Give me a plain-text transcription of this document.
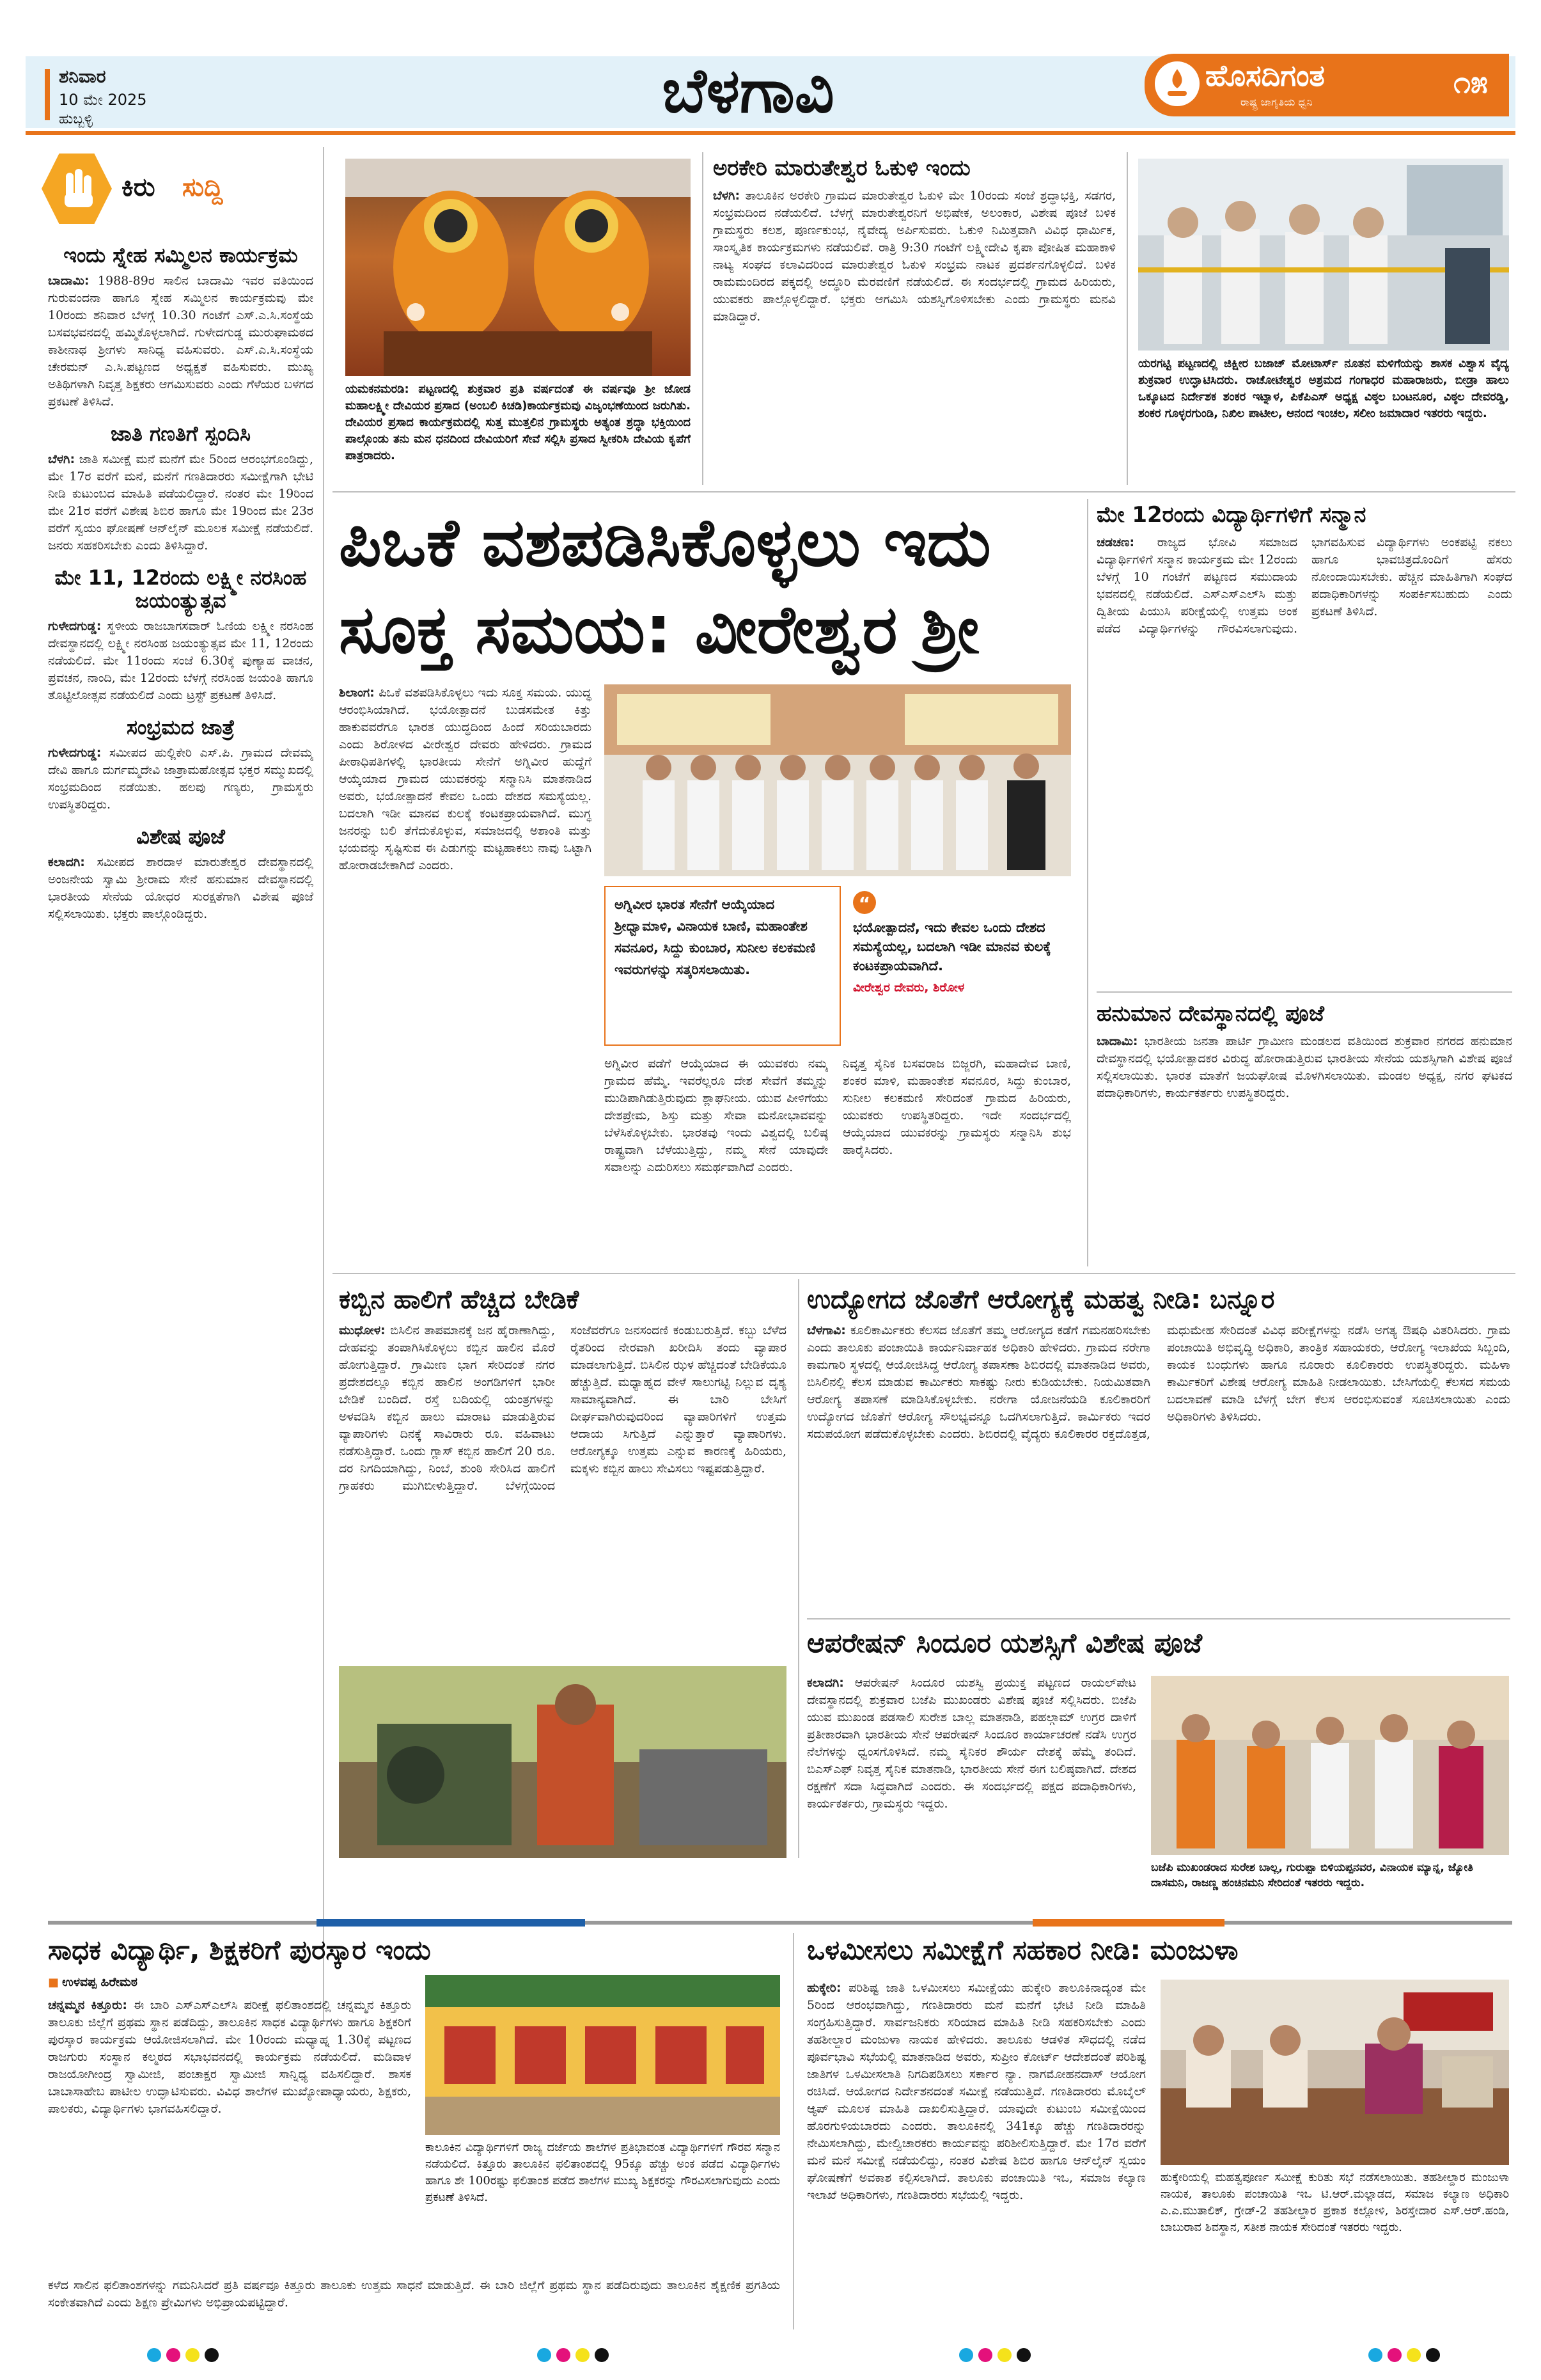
ಶನಿವಾರ
10 ಮೇ 2025
ಹುಬ್ಬಳ್ಳಿ	ಬೆಳಗಾವಿ	ಹೊಸದಿಗಂತ
ರಾಷ್ಟ್ರ ಜಾಗೃತಿಯ ಧ್ವನಿ
೧೫
ಕಿರು	ಸುದ್ದಿ
ಇಂದು ಸ್ನೇಹ ಸಮ್ಮಿಲನ ಕಾರ್ಯಕ್ರಮ
ಬಾದಾಮಿ: 1988-89ರ ಸಾಲಿನ ಬಾದಾಮಿ ಇವರ ವತಿಯಿಂದ ಗುರುವಂದನಾ ಹಾಗೂ ಸ್ನೇಹ ಸಮ್ಮಿಲನ ಕಾರ್ಯಕ್ರಮವು ಮೇ 10ರಂದು ಶನಿವಾರ ಬೆಳಗ್ಗೆ 10.30 ಗಂಟೆಗೆ ಎಸ್.ಎ.ಸಿ.ಸಂಸ್ಥೆಯ ಬಸವಭವನದಲ್ಲಿ ಹಮ್ಮಿಕೊಳ್ಳಲಾಗಿದೆ. ಗುಳೇದಗುಡ್ಡ ಮುರುಘಾಮಠದ ಕಾಶೀನಾಥ ಶ್ರೀಗಳು ಸಾನಿಧ್ಯ ವಹಿಸುವರು. ಎಸ್.ಎ.ಸಿ.ಸಂಸ್ಥೆಯ ಚೇರಮನ್ ಎ.ಸಿ.ಪಟ್ಟಣದ ಅಧ್ಯಕ್ಷತೆ ವಹಿಸುವರು. ಮುಖ್ಯ ಅತಿಥಿಗಳಾಗಿ ನಿವೃತ್ತ ಶಿಕ್ಷಕರು ಆಗಮಿಸುವರು ಎಂದು ಗೆಳೆಯರ ಬಳಗದ ಪ್ರಕಟಣೆ ತಿಳಿಸಿದೆ.
ಜಾತಿ ಗಣತಿಗೆ ಸ್ಪಂದಿಸಿ
ಬೆಳಗಿ: ಜಾತಿ ಸಮೀಕ್ಷೆ ಮನೆ ಮನೆಗೆ ಮೇ 5ರಿಂದ ಆರಂಭಗೊಂಡಿದ್ದು, ಮೇ 17ರ ವರೆಗೆ ಮನೆ, ಮನೆಗೆ ಗಣತಿದಾರರು ಸಮೀಕ್ಷೆಗಾಗಿ ಭೇಟಿ ನೀಡಿ ಕುಟುಂಬದ ಮಾಹಿತಿ ಪಡೆಯಲಿದ್ದಾರೆ. ನಂತರ ಮೇ 19ರಿಂದ ಮೇ 21ರ ವರೆಗೆ ವಿಶೇಷ ಶಿಬಿರ ಹಾಗೂ ಮೇ 19ರಿಂದ ಮೇ 23ರ ವರೆಗೆ ಸ್ವಯಂ ಘೋಷಣೆ ಆನ್‌ಲೈನ್ ಮೂಲಕ ಸಮೀಕ್ಷೆ ನಡೆಯಲಿದೆ. ಜನರು ಸಹಕರಿಸಬೇಕು ಎಂದು ತಿಳಿಸಿದ್ದಾರೆ.
ಮೇ 11, 12ರಂದು ಲಕ್ಷ್ಮೀ ನರಸಿಂಹ ಜಯಂತ್ಯುತ್ಸವ
ಗುಳೇದಗುಡ್ಡ: ಸ್ಥಳೀಯ ರಾಜಬಾಗಸವಾರ್ ಓಣಿಯ ಲಕ್ಷ್ಮೀ ನರಸಿಂಹ ದೇವಸ್ಥಾನದಲ್ಲಿ ಲಕ್ಷ್ಮೀ ನರಸಿಂಹ ಜಯಂತ್ಯುತ್ಸವ ಮೇ 11, 12ರಂದು ನಡೆಯಲಿದೆ. ಮೇ 11ರಂದು ಸಂಜೆ 6.30ಕ್ಕೆ ಪುಣ್ಯಾಹ ವಾಚನ, ಪ್ರವಚನ, ನಾಂದಿ, ಮೇ 12ರಂದು ಬೆಳಗ್ಗೆ ನರಸಿಂಹ ಜಯಂತಿ ಹಾಗೂ ತೊಟ್ಟಿಲೋತ್ಸವ ನಡೆಯಲಿದೆ ಎಂದು ಟ್ರಸ್ಟ್ ಪ್ರಕಟಣೆ ತಿಳಿಸಿದೆ.
ಸಂಭ್ರಮದ ಜಾತ್ರೆ
ಗುಳೇದಗುಡ್ಡ: ಸಮೀಪದ ಹುಲ್ಲಿಕೇರಿ ಎಸ್.ಪಿ. ಗ್ರಾಮದ ದೇವಮ್ಮ ದೇವಿ ಹಾಗೂ ದುರ್ಗಮ್ಮದೇವಿ ಜಾತ್ರಾಮಹೋತ್ಸವ ಭಕ್ತರ ಸಮ್ಮುಖದಲ್ಲಿ ಸಂಭ್ರಮದಿಂದ ನಡೆಯಿತು. ಹಲವು ಗಣ್ಯರು, ಗ್ರಾಮಸ್ಥರು ಉಪಸ್ಥಿತರಿದ್ದರು.
ವಿಶೇಷ ಪೂಜೆ
ಕಲಾದಗಿ: ಸಮೀಪದ ಶಾರದಾಳ ಮಾರುತೇಶ್ವರ ದೇವಸ್ಥಾನದಲ್ಲಿ ಅಂಜನೇಯ ಸ್ವಾಮಿ ಶ್ರೀರಾಮ ಸೇನೆ ಹನುಮಾನ ದೇವಸ್ಥಾನದಲ್ಲಿ ಭಾರತೀಯ ಸೇನೆಯ ಯೋಧರ ಸುರಕ್ಷತೆಗಾಗಿ ವಿಶೇಷ ಪೂಜೆ ಸಲ್ಲಿಸಲಾಯಿತು. ಭಕ್ತರು ಪಾಲ್ಗೊಂಡಿದ್ದರು.
ಯಮಕನಮರಡಿ: ಪಟ್ಟಣದಲ್ಲಿ ಶುಕ್ರವಾರ ಪ್ರತಿ ವರ್ಷದಂತೆ ಈ ವರ್ಷವೂ ಶ್ರೀ ಜೋಡ ಮಹಾಲಕ್ಷ್ಮೀ ದೇವಿಯರ ಪ್ರಸಾದ (ಅಂಬಲಿ ಕಿಚಡಿ)ಕಾರ್ಯಕ್ರಮವು ವಿಜೃಂಭಣೆಯಿಂದ ಜರುಗಿತು. ದೇವಿಯರ ಪ್ರಸಾದ ಕಾರ್ಯಕ್ರಮದಲ್ಲಿ ಸುತ್ತ ಮುತ್ತಲಿನ ಗ್ರಾಮಸ್ಥರು ಅತ್ಯಂತ ಶ್ರದ್ಧಾ ಭಕ್ತಿಯಿಂದ ಪಾಲ್ಗೊಂಡು ತನು ಮನ ಧನದಿಂದ ದೇವಿಯರಿಗೆ ಸೇವೆ ಸಲ್ಲಿಸಿ ಪ್ರಸಾದ ಸ್ವೀಕರಿಸಿ ದೇವಿಯ ಕೃಪೆಗೆ ಪಾತ್ರರಾದರು.
ಅರಕೇರಿ ಮಾರುತೇಶ್ವರ ಓಕುಳಿ ಇಂದು
ಬೆಳಗಿ: ತಾಲೂಕಿನ ಅರಕೇರಿ ಗ್ರಾಮದ ಮಾರುತೇಶ್ವರ ಓಕುಳಿ ಮೇ 10ರಂದು ಸಂಜೆ ಶ್ರದ್ಧಾಭಕ್ತಿ, ಸಡಗರ, ಸಂಭ್ರಮದಿಂದ ನಡೆಯಲಿದೆ. ಬೆಳಗ್ಗೆ ಮಾರುತೇಶ್ವರನಿಗೆ ಅಭಿಷೇಕ, ಅಲಂಕಾರ, ವಿಶೇಷ ಪೂಜೆ ಬಳಿಕ ಗ್ರಾಮಸ್ಥರು ಕಲಶ, ಪೂರ್ಣಕುಂಭ, ನೈವೇದ್ಯ ಅರ್ಪಿಸುವರು. ಓಕುಳಿ ನಿಮಿತ್ತವಾಗಿ ವಿವಿಧ ಧಾರ್ಮಿಕ, ಸಾಂಸ್ಕೃತಿಕ ಕಾರ್ಯಕ್ರಮಗಳು ನಡೆಯಲಿವೆ. ರಾತ್ರಿ 9:30 ಗಂಟೆಗೆ ಲಕ್ಷ್ಮೀದೇವಿ ಕೃಪಾ ಪೋಷಿತ ಮಹಾಕಾಳಿ ನಾಟ್ಯ ಸಂಘದ ಕಲಾವಿದರಿಂದ ಮಾರುತೇಶ್ವರ ಓಕುಳಿ ಸಂಭ್ರಮ ನಾಟಕ ಪ್ರದರ್ಶನಗೊಳ್ಳಲಿದೆ. ಬಳಿಕ ರಾಮಮಂದಿರದ ಪಕ್ಕದಲ್ಲಿ ಅದ್ಧೂರಿ ಮೆರವಣಿಗೆ ನಡೆಯಲಿದೆ. ಈ ಸಂದರ್ಭದಲ್ಲಿ ಗ್ರಾಮದ ಹಿರಿಯರು, ಯುವಕರು ಪಾಲ್ಗೊಳ್ಳಲಿದ್ದಾರೆ. ಭಕ್ತರು ಆಗಮಿಸಿ ಯಶಸ್ವಿಗೊಳಿಸಬೇಕು ಎಂದು ಗ್ರಾಮಸ್ಥರು ಮನವಿ ಮಾಡಿದ್ದಾರೆ.
ಯರಗಟ್ಟಿ ಪಟ್ಟಣದಲ್ಲಿ ಜಿಕ್ಷೀರ ಬಜಾಜ್ ಮೋಟಾರ್ಸ್ ನೂತನ ಮಳಿಗೆಯನ್ನು ಶಾಸಕ ವಿಶ್ವಾಸ ವೈದ್ಯ ಶುಕ್ರವಾರ ಉದ್ಘಾಟಿಸಿದರು. ರಾಚೋಟೇಶ್ವರ ಅಶ್ರಮದ ಗಂಗಾಧರ ಮಹಾರಾಜರು, ಬೀಡ್ರಾ ಹಾಲು ಒಕ್ಕೂಟದ ನಿರ್ದೇಶಕ ಶಂಕರ ಇಟ್ನಾಳ, ಪಿಕೆಪಿಎಸ್ ಅಧ್ಯಕ್ಷ ವಿಠ್ಠಲ ಬಂಟನೂರ, ವಿಠ್ಠಲ ದೇವರಡ್ಡಿ, ಶಂಕರ ಗೂಳ್ಳರಗುಂಡಿ, ನಿಖಿಲ ಪಾಟೀಲ, ಆನಂದ ಇಂಚಲ, ಸಲೀಂ ಜಮಾದಾರ ಇತರರು ಇದ್ದರು.
ಪಿಒಕೆ ವಶಪಡಿಸಿಕೊಳ್ಳಲು ಇದು ಸೂಕ್ತ ಸಮಯ: ವೀರೇಶ್ವರ ಶ್ರೀ
ಶಿಲಾಂಗ: ಪಿಒಕೆ ವಶಪಡಿಸಿಕೊಳ್ಳಲು ಇದು ಸೂಕ್ತ ಸಮಯ. ಯುದ್ಧ ಆರಂಭಿಸಿಯಾಗಿದೆ. ಭಯೋತ್ಪಾದನೆ ಬುಡಸಮೇತ ಕಿತ್ತು ಹಾಕುವವರೆಗೂ ಭಾರತ ಯುದ್ಧದಿಂದ ಹಿಂದೆ ಸರಿಯಬಾರದು ಎಂದು ಶಿರೋಳದ ವೀರೇಶ್ವರ ದೇವರು ಹೇಳಿದರು. ಗ್ರಾಮದ ಪೀಠಾಧಿಪತಿಗಳಲ್ಲಿ ಭಾರತೀಯ ಸೇನೆಗೆ ಅಗ್ನಿವೀರ ಹುದ್ದೆಗೆ ಆಯ್ಕೆಯಾದ ಗ್ರಾಮದ ಯುವಕರನ್ನು ಸನ್ಮಾನಿಸಿ ಮಾತನಾಡಿದ ಅವರು, ಭಯೋತ್ಪಾದನೆ ಕೇವಲ ಒಂದು ದೇಶದ ಸಮಸ್ಯೆಯಲ್ಲ. ಬದಲಾಗಿ ಇಡೀ ಮಾನವ ಕುಲಕ್ಕೆ ಕಂಟಕಪ್ರಾಯವಾಗಿದೆ. ಮುಗ್ಧ ಜನರನ್ನು ಬಲಿ ತೆಗೆದುಕೊಳ್ಳುವ, ಸಮಾಜದಲ್ಲಿ ಅಶಾಂತಿ ಮತ್ತು ಭಯವನ್ನು ಸೃಷ್ಟಿಸುವ ಈ ಪಿಡುಗನ್ನು ಮಟ್ಟಹಾಕಲು ನಾವು ಒಟ್ಟಾಗಿ ಹೋರಾಡಬೇಕಾಗಿದೆ ಎಂದರು.
ಅಗ್ನಿವೀರ ಭಾರತ ಸೇನೆಗೆ ಆಯ್ಕೆಯಾದ ಶ್ರೀಧ್ವಾಮಾಳಿ, ವಿನಾಯಕ ಬಾಣಿ, ಮಹಾಂತೇಶ ಸವನೂರ, ಸಿದ್ದು ಕುಂಬಾರ, ಸುನೀಲ ಕಲಕಮಣಿ ಇವರುಗಳನ್ನು ಸತ್ಕರಿಸಲಾಯಿತು.
“
ಭಯೋತ್ಪಾದನೆ, ಇದು ಕೇವಲ ಒಂದು ದೇಶದ ಸಮಸ್ಯೆಯಲ್ಲ, ಬದಲಾಗಿ ಇಡೀ ಮಾನವ ಕುಲಕ್ಕೆ ಕಂಟಕಪ್ರಾಯವಾಗಿದೆ.
ವೀರೇಶ್ವರ ದೇವರು, ಶಿರೋಳ
ಅಗ್ನಿವೀರ ಪಡೆಗೆ ಆಯ್ಕೆಯಾದ ಈ ಯುವಕರು ನಮ್ಮ ಗ್ರಾಮದ ಹೆಮ್ಮೆ. ಇವರೆಲ್ಲರೂ ದೇಶ ಸೇವೆಗೆ ತಮ್ಮನ್ನು ಮುಡಿಪಾಗಿಡುತ್ತಿರುವುದು ಶ್ಲಾಘನೀಯ. ಯುವ ಪೀಳಿಗೆಯು ದೇಶಪ್ರೇಮ, ಶಿಸ್ತು ಮತ್ತು ಸೇವಾ ಮನೋಭಾವವನ್ನು ಬೆಳೆಸಿಕೊಳ್ಳಬೇಕು. ಭಾರತವು ಇಂದು ವಿಶ್ವದಲ್ಲಿ ಬಲಿಷ್ಠ ರಾಷ್ಟ್ರವಾಗಿ ಬೆಳೆಯುತ್ತಿದ್ದು, ನಮ್ಮ ಸೇನೆ ಯಾವುದೇ ಸವಾಲನ್ನು ಎದುರಿಸಲು ಸಮರ್ಥವಾಗಿದೆ ಎಂದರು.
ನಿವೃತ್ತ ಸೈನಿಕ ಬಸವರಾಜ ಬಿಜ್ಜರಗಿ, ಮಹಾದೇವ ಬಾಣಿ, ಶಂಕರ ಮಾಳಿ, ಮಹಾಂತೇಶ ಸವನೂರ, ಸಿದ್ದು ಕುಂಬಾರ, ಸುನೀಲ ಕಲಕಮಣಿ ಸೇರಿದಂತೆ ಗ್ರಾಮದ ಹಿರಿಯರು, ಯುವಕರು ಉಪಸ್ಥಿತರಿದ್ದರು. ಇದೇ ಸಂದರ್ಭದಲ್ಲಿ ಆಯ್ಕೆಯಾದ ಯುವಕರನ್ನು ಗ್ರಾಮಸ್ಥರು ಸನ್ಮಾನಿಸಿ ಶುಭ ಹಾರೈಸಿದರು.
ಮೇ 12ರಂದು ವಿದ್ಯಾರ್ಥಿಗಳಿಗೆ ಸನ್ಮಾನ
ಚಡಚಣ: ರಾಜ್ಯದ ಭೋವಿ ಸಮಾಜದ ವಿದ್ಯಾರ್ಥಿಗಳಿಗೆ ಸನ್ಮಾನ ಕಾರ್ಯಕ್ರಮ ಮೇ 12ರಂದು ಬೆಳಗ್ಗೆ 10 ಗಂಟೆಗೆ ಪಟ್ಟಣದ ಸಮುದಾಯ ಭವನದಲ್ಲಿ ನಡೆಯಲಿದೆ. ಎಸ್ಎಸ್ಎಲ್‌ಸಿ ಮತ್ತು ದ್ವಿತೀಯ ಪಿಯುಸಿ ಪರೀಕ್ಷೆಯಲ್ಲಿ ಉತ್ತಮ ಅಂಕ ಪಡೆದ ವಿದ್ಯಾರ್ಥಿಗಳನ್ನು ಗೌರವಿಸಲಾಗುವುದು. ಭಾಗವಹಿಸುವ ವಿದ್ಯಾರ್ಥಿಗಳು ಅಂಕಪಟ್ಟಿ ನಕಲು ಹಾಗೂ ಭಾವಚಿತ್ರದೊಂದಿಗೆ ಹೆಸರು ನೋಂದಾಯಿಸಬೇಕು. ಹೆಚ್ಚಿನ ಮಾಹಿತಿಗಾಗಿ ಸಂಘದ ಪದಾಧಿಕಾರಿಗಳನ್ನು ಸಂಪರ್ಕಿಸಬಹುದು ಎಂದು ಪ್ರಕಟಣೆ ತಿಳಿಸಿದೆ.
ಹನುಮಾನ ದೇವಸ್ಥಾನದಲ್ಲಿ ಪೂಜೆ
ಬಾದಾಮಿ: ಭಾರತೀಯ ಜನತಾ ಪಾರ್ಟಿ ಗ್ರಾಮೀಣ ಮಂಡಲದ ವತಿಯಿಂದ ಶುಕ್ರವಾರ ನಗರದ ಹನುಮಾನ ದೇವಸ್ಥಾನದಲ್ಲಿ ಭಯೋತ್ಪಾದಕರ ವಿರುದ್ಧ ಹೋರಾಡುತ್ತಿರುವ ಭಾರತೀಯ ಸೇನೆಯ ಯಶಸ್ಸಿಗಾಗಿ ವಿಶೇಷ ಪೂಜೆ ಸಲ್ಲಿಸಲಾಯಿತು. ಭಾರತ ಮಾತೆಗೆ ಜಯಘೋಷ ಮೊಳಗಿಸಲಾಯಿತು. ಮಂಡಲ ಅಧ್ಯಕ್ಷ, ನಗರ ಘಟಕದ ಪದಾಧಿಕಾರಿಗಳು, ಕಾರ್ಯಕರ್ತರು ಉಪಸ್ಥಿತರಿದ್ದರು.
ಕಬ್ಬಿನ ಹಾಲಿಗೆ ಹೆಚ್ಚಿದ ಬೇಡಿಕೆ
ಮುಧೋಳ: ಬಿಸಿಲಿನ ತಾಪಮಾನಕ್ಕೆ ಜನ ಹೈರಾಣಾಗಿದ್ದು, ದೇಹವನ್ನು ತಂಪಾಗಿಸಿಕೊಳ್ಳಲು ಕಬ್ಬಿನ ಹಾಲಿನ ಮೊರೆ ಹೋಗುತ್ತಿದ್ದಾರೆ. ಗ್ರಾಮೀಣ ಭಾಗ ಸೇರಿದಂತೆ ನಗರ ಪ್ರದೇಶದಲ್ಲೂ ಕಬ್ಬಿನ ಹಾಲಿನ ಅಂಗಡಿಗಳಿಗೆ ಭಾರೀ ಬೇಡಿಕೆ ಬಂದಿದೆ. ರಸ್ತೆ ಬದಿಯಲ್ಲಿ ಯಂತ್ರಗಳನ್ನು ಅಳವಡಿಸಿ ಕಬ್ಬಿನ ಹಾಲು ಮಾರಾಟ ಮಾಡುತ್ತಿರುವ ವ್ಯಾಪಾರಿಗಳು ದಿನಕ್ಕೆ ಸಾವಿರಾರು ರೂ. ವಹಿವಾಟು ನಡೆಸುತ್ತಿದ್ದಾರೆ. ಒಂದು ಗ್ಲಾಸ್ ಕಬ್ಬಿನ ಹಾಲಿಗೆ 20 ರೂ. ದರ ನಿಗದಿಯಾಗಿದ್ದು, ನಿಂಬೆ, ಶುಂಠಿ ಸೇರಿಸಿದ ಹಾಲಿಗೆ ಗ್ರಾಹಕರು ಮುಗಿಬೀಳುತ್ತಿದ್ದಾರೆ. ಬೆಳಗ್ಗೆಯಿಂದ ಸಂಜೆವರೆಗೂ ಜನಸಂದಣಿ ಕಂಡುಬರುತ್ತಿದೆ. ಕಬ್ಬು ಬೆಳೆದ ರೈತರಿಂದ ನೇರವಾಗಿ ಖರೀದಿಸಿ ತಂದು ವ್ಯಾಪಾರ ಮಾಡಲಾಗುತ್ತಿದೆ. ಬಿಸಿಲಿನ ಝಳ ಹೆಚ್ಚಿದಂತೆ ಬೇಡಿಕೆಯೂ ಹೆಚ್ಚುತ್ತಿದೆ. ಮಧ್ಯಾಹ್ನದ ವೇಳೆ ಸಾಲುಗಟ್ಟಿ ನಿಲ್ಲುವ ದೃಶ್ಯ ಸಾಮಾನ್ಯವಾಗಿದೆ. ಈ ಬಾರಿ ಬೇಸಿಗೆ ದೀರ್ಘವಾಗಿರುವುದರಿಂದ ವ್ಯಾಪಾರಿಗಳಿಗೆ ಉತ್ತಮ ಆದಾಯ ಸಿಗುತ್ತಿದೆ ಎನ್ನುತ್ತಾರೆ ವ್ಯಾಪಾರಿಗಳು. ಆರೋಗ್ಯಕ್ಕೂ ಉತ್ತಮ ಎನ್ನುವ ಕಾರಣಕ್ಕೆ ಹಿರಿಯರು, ಮಕ್ಕಳು ಕಬ್ಬಿನ ಹಾಲು ಸೇವಿಸಲು ಇಷ್ಟಪಡುತ್ತಿದ್ದಾರೆ.
ಉದ್ಯೋಗದ ಜೊತೆಗೆ ಆರೋಗ್ಯಕ್ಕೆ ಮಹತ್ವ ನೀಡಿ: ಬನ್ನೂರ
ಬೆಳಗಾವಿ: ಕೂಲಿಕಾರ್ಮಿಕರು ಕೆಲಸದ ಜೊತೆಗೆ ತಮ್ಮ ಆರೋಗ್ಯದ ಕಡೆಗೆ ಗಮನಹರಿಸಬೇಕು ಎಂದು ತಾಲೂಕು ಪಂಚಾಯಿತಿ ಕಾರ್ಯನಿರ್ವಾಹಕ ಅಧಿಕಾರಿ ಹೇಳಿದರು. ಗ್ರಾಮದ ನರೇಗಾ ಕಾಮಗಾರಿ ಸ್ಥಳದಲ್ಲಿ ಆಯೋಜಿಸಿದ್ದ ಆರೋಗ್ಯ ತಪಾಸಣಾ ಶಿಬಿರದಲ್ಲಿ ಮಾತನಾಡಿದ ಅವರು, ಬಿಸಿಲಿನಲ್ಲಿ ಕೆಲಸ ಮಾಡುವ ಕಾರ್ಮಿಕರು ಸಾಕಷ್ಟು ನೀರು ಕುಡಿಯಬೇಕು. ನಿಯಮಿತವಾಗಿ ಆರೋಗ್ಯ ತಪಾಸಣೆ ಮಾಡಿಸಿಕೊಳ್ಳಬೇಕು. ನರೇಗಾ ಯೋಜನೆಯಡಿ ಕೂಲಿಕಾರರಿಗೆ ಉದ್ಯೋಗದ ಜೊತೆಗೆ ಆರೋಗ್ಯ ಸೌಲಭ್ಯವನ್ನೂ ಒದಗಿಸಲಾಗುತ್ತಿದೆ. ಕಾರ್ಮಿಕರು ಇದರ ಸದುಪಯೋಗ ಪಡೆದುಕೊಳ್ಳಬೇಕು ಎಂದರು. ಶಿಬಿರದಲ್ಲಿ ವೈದ್ಯರು ಕೂಲಿಕಾರರ ರಕ್ತದೊತ್ತಡ, ಮಧುಮೇಹ ಸೇರಿದಂತೆ ವಿವಿಧ ಪರೀಕ್ಷೆಗಳನ್ನು ನಡೆಸಿ ಅಗತ್ಯ ಔಷಧಿ ವಿತರಿಸಿದರು. ಗ್ರಾಮ ಪಂಚಾಯಿತಿ ಅಭಿವೃದ್ಧಿ ಅಧಿಕಾರಿ, ತಾಂತ್ರಿಕ ಸಹಾಯಕರು, ಆರೋಗ್ಯ ಇಲಾಖೆಯ ಸಿಬ್ಬಂದಿ, ಕಾಯಕ ಬಂಧುಗಳು ಹಾಗೂ ನೂರಾರು ಕೂಲಿಕಾರರು ಉಪಸ್ಥಿತರಿದ್ದರು. ಮಹಿಳಾ ಕಾರ್ಮಿಕರಿಗೆ ವಿಶೇಷ ಆರೋಗ್ಯ ಮಾಹಿತಿ ನೀಡಲಾಯಿತು. ಬೇಸಿಗೆಯಲ್ಲಿ ಕೆಲಸದ ಸಮಯ ಬದಲಾವಣೆ ಮಾಡಿ ಬೆಳಗ್ಗೆ ಬೇಗ ಕೆಲಸ ಆರಂಭಿಸುವಂತೆ ಸೂಚಿಸಲಾಯಿತು ಎಂದು ಅಧಿಕಾರಿಗಳು ತಿಳಿಸಿದರು.
ಆಪರೇಷನ್ ಸಿಂದೂರ ಯಶಸ್ಸಿಗೆ ವಿಶೇಷ ಪೂಜೆ
ಕಲಾದಗಿ: ಆಪರೇಷನ್ ಸಿಂದೂರ ಯಶಸ್ವಿ ಪ್ರಯುಕ್ತ ಪಟ್ಟಣದ ರಾಯಲ್‌ಪೇಟ ದೇವಸ್ಥಾನದಲ್ಲಿ ಶುಕ್ರವಾರ ಬಜೆಪಿ ಮುಖಂಡರು ವಿಶೇಷ ಪೂಜೆ ಸಲ್ಲಿಸಿದರು. ಬಿಜೆಪಿ ಯುವ ಮುಖಂಡ ಪಡಸಾಲಿ ಸುರೇಶ ಬಾಲ್ಲ ಮಾತನಾಡಿ, ಪಹಲ್ಗಾಮ್ ಉಗ್ರರ ದಾಳಿಗೆ ಪ್ರತೀಕಾರವಾಗಿ ಭಾರತೀಯ ಸೇನೆ ಆಪರೇಷನ್ ಸಿಂದೂರ ಕಾರ್ಯಾಚರಣೆ ನಡೆಸಿ ಉಗ್ರರ ನೆಲೆಗಳನ್ನು ಧ್ವಂಸಗೊಳಿಸಿದೆ. ನಮ್ಮ ಸೈನಿಕರ ಶೌರ್ಯ ದೇಶಕ್ಕೆ ಹೆಮ್ಮೆ ತಂದಿದೆ. ಬಿಎಸ್ಎಫ್ ನಿವೃತ್ತ ಸೈನಿಕ ಮಾತನಾಡಿ, ಭಾರತೀಯ ಸೇನೆ ಈಗ ಬಲಿಷ್ಠವಾಗಿದೆ. ದೇಶದ ರಕ್ಷಣೆಗೆ ಸದಾ ಸಿದ್ಧವಾಗಿದೆ ಎಂದರು. ಈ ಸಂದರ್ಭದಲ್ಲಿ ಪಕ್ಷದ ಪದಾಧಿಕಾರಿಗಳು, ಕಾರ್ಯಕರ್ತರು, ಗ್ರಾಮಸ್ಥರು ಇದ್ದರು.
ಬಜೆಪಿ ಮುಖಂಡರಾದ ಸುರೇಶ ಬಾಲ್ಲ, ಗುರುಪ್ಪಾ ಬಿಳಿಯಪ್ಪನವರ, ವಿನಾಯಕ ಮ್ಯಾನ್ನ, ಜ್ಯೋತಿ ದಾಸಮನಿ, ರಾಜಣ್ಣ ಹಂಚಿನಮನಿ ಸೇರಿದಂತೆ ಇತರರು ಇದ್ದರು.
ಸಾಧಕ ವಿದ್ಯಾರ್ಥಿ, ಶಿಕ್ಷಕರಿಗೆ ಪುರಸ್ಕಾರ ಇಂದು
■ ಉಳವಪ್ಪ ಹಿರೇಮಠ
ಚನ್ನಮ್ಮನ ಕಿತ್ತೂರು: ಈ ಬಾರಿ ಎಸ್‌ಎಸ್‌ಎಲ್‌ಸಿ ಪರೀಕ್ಷೆ ಫಲಿತಾಂಶದಲ್ಲಿ ಚನ್ನಮ್ಮನ ಕಿತ್ತೂರು ತಾಲೂಕು ಜಿಲ್ಲೆಗೆ ಪ್ರಥಮ ಸ್ಥಾನ ಪಡೆದಿದ್ದು, ತಾಲೂಕಿನ ಸಾಧಕ ವಿದ್ಯಾರ್ಥಿಗಳು ಹಾಗೂ ಶಿಕ್ಷಕರಿಗೆ ಪುರಸ್ಕಾರ ಕಾರ್ಯಕ್ರಮ ಆಯೋಜಿಸಲಾಗಿದೆ. ಮೇ 10ರಂದು ಮಧ್ಯಾಹ್ನ 1.30ಕ್ಕೆ ಪಟ್ಟಣದ ರಾಜಗುರು ಸಂಸ್ಥಾನ ಕಲ್ಮಠದ ಸಭಾಭವನದಲ್ಲಿ ಕಾರ್ಯಕ್ರಮ ನಡೆಯಲಿದೆ. ಮಡಿವಾಳ ರಾಜಯೋಗೀಂದ್ರ ಸ್ವಾಮೀಜಿ, ಪಂಚಾಕ್ಷರ ಸ್ವಾಮೀಜಿ ಸಾನ್ನಿಧ್ಯ ವಹಿಸಲಿದ್ದಾರೆ. ಶಾಸಕ ಬಾಬಾಸಾಹೇಬ ಪಾಟೀಲ ಉದ್ಘಾಟಿಸುವರು. ವಿವಿಧ ಶಾಲೆಗಳ ಮುಖ್ಯೋಪಾಧ್ಯಾಯರು, ಶಿಕ್ಷಕರು, ಪಾಲಕರು, ವಿದ್ಯಾರ್ಥಿಗಳು ಭಾಗವಹಿಸಲಿದ್ದಾರೆ.
ಕಾಲೂಕಿನ ವಿದ್ಯಾರ್ಥಿಗಳಿಗೆ ರಾಜ್ಯ ದರ್ಜೆಯ ಶಾಲೆಗಳ ಪ್ರತಿಭಾವಂತ ವಿದ್ಯಾರ್ಥಿಗಳಿಗೆ ಗೌರವ ಸನ್ಮಾನ ನಡೆಯಲಿದೆ. ಕಿತ್ತೂರು ತಾಲೂಕಿನ ಫಲಿತಾಂಶದಲ್ಲಿ 95ಕ್ಕೂ ಹೆಚ್ಚು ಅಂಕ ಪಡೆದ ವಿದ್ಯಾರ್ಥಿಗಳು ಹಾಗೂ ಶೇ 100ರಷ್ಟು ಫಲಿತಾಂಶ ಪಡೆದ ಶಾಲೆಗಳ ಮುಖ್ಯ ಶಿಕ್ಷಕರನ್ನು ಗೌರವಿಸಲಾಗುವುದು ಎಂದು ಪ್ರಕಟಣೆ ತಿಳಿಸಿದೆ.
ಕಳೆದ ಸಾಲಿನ ಫಲಿತಾಂಶಗಳನ್ನು ಗಮನಿಸಿದರೆ ಪ್ರತಿ ವರ್ಷವೂ ಕಿತ್ತೂರು ತಾಲೂಕು ಉತ್ತಮ ಸಾಧನೆ ಮಾಡುತ್ತಿದೆ. ಈ ಬಾರಿ ಜಿಲ್ಲೆಗೆ ಪ್ರಥಮ ಸ್ಥಾನ ಪಡೆದಿರುವುದು ತಾಲೂಕಿನ ಶೈಕ್ಷಣಿಕ ಪ್ರಗತಿಯ ಸಂಕೇತವಾಗಿದೆ ಎಂದು ಶಿಕ್ಷಣ ಪ್ರೇಮಿಗಳು ಅಭಿಪ್ರಾಯಪಟ್ಟಿದ್ದಾರೆ.
ಒಳಮೀಸಲು ಸಮೀಕ್ಷೆಗೆ ಸಹಕಾರ ನೀಡಿ: ಮಂಜುಳಾ
ಹುಕ್ಕೇರಿ: ಪರಿಶಿಷ್ಟ ಜಾತಿ ಒಳಮೀಸಲು ಸಮೀಕ್ಷೆಯು ಹುಕ್ಕೇರಿ ತಾಲೂಕಿನಾದ್ಯಂತ ಮೇ 5ರಿಂದ ಆರಂಭವಾಗಿದ್ದು, ಗಣತಿದಾರರು ಮನೆ ಮನೆಗೆ ಭೇಟಿ ನೀಡಿ ಮಾಹಿತಿ ಸಂಗ್ರಹಿಸುತ್ತಿದ್ದಾರೆ. ಸಾರ್ವಜನಿಕರು ಸರಿಯಾದ ಮಾಹಿತಿ ನೀಡಿ ಸಹಕರಿಸಬೇಕು ಎಂದು ತಹಶೀಲ್ದಾರ ಮಂಜುಳಾ ನಾಯಕ ಹೇಳಿದರು. ತಾಲೂಕು ಆಡಳಿತ ಸೌಧದಲ್ಲಿ ನಡೆದ ಪೂರ್ವಭಾವಿ ಸಭೆಯಲ್ಲಿ ಮಾತನಾಡಿದ ಅವರು, ಸುಪ್ರೀಂ ಕೋರ್ಟ್ ಆದೇಶದಂತೆ ಪರಿಶಿಷ್ಟ ಜಾತಿಗಳ ಒಳಮೀಸಲಾತಿ ನಿಗದಿಪಡಿಸಲು ಸರ್ಕಾರ ನ್ಯಾ. ನಾಗಮೋಹನದಾಸ್ ಆಯೋಗ ರಚಿಸಿದೆ. ಆಯೋಗದ ನಿರ್ದೇಶನದಂತೆ ಸಮೀಕ್ಷೆ ನಡೆಯುತ್ತಿದೆ. ಗಣತಿದಾರರು ಮೊಬೈಲ್ ಆ್ಯಪ್ ಮೂಲಕ ಮಾಹಿತಿ ದಾಖಲಿಸುತ್ತಿದ್ದಾರೆ. ಯಾವುದೇ ಕುಟುಂಬ ಸಮೀಕ್ಷೆಯಿಂದ ಹೊರಗುಳಿಯಬಾರದು ಎಂದರು. ತಾಲೂಕಿನಲ್ಲಿ 341ಕ್ಕೂ ಹೆಚ್ಚು ಗಣತಿದಾರರನ್ನು ನೇಮಿಸಲಾಗಿದ್ದು, ಮೇಲ್ವಿಚಾರಕರು ಕಾರ್ಯವನ್ನು ಪರಿಶೀಲಿಸುತ್ತಿದ್ದಾರೆ. ಮೇ 17ರ ವರೆಗೆ ಮನೆ ಮನೆ ಸಮೀಕ್ಷೆ ನಡೆಯಲಿದ್ದು, ನಂತರ ವಿಶೇಷ ಶಿಬಿರ ಹಾಗೂ ಆನ್‌ಲೈನ್ ಸ್ವಯಂ ಘೋಷಣೆಗೆ ಅವಕಾಶ ಕಲ್ಪಿಸಲಾಗಿದೆ. ತಾಲೂಕು ಪಂಚಾಯಿತಿ ಇಒ, ಸಮಾಜ ಕಲ್ಯಾಣ ಇಲಾಖೆ ಅಧಿಕಾರಿಗಳು, ಗಣತಿದಾರರು ಸಭೆಯಲ್ಲಿ ಇದ್ದರು.
ಹುಕ್ಕೇರಿಯಲ್ಲಿ ಮಹತ್ವಪೂರ್ಣ ಸಮೀಕ್ಷೆ ಕುರಿತು ಸಭೆ ನಡೆಸಲಾಯಿತು. ತಹಶೀಲ್ದಾರ ಮಂಜುಳಾ ನಾಯಕ, ತಾಲೂಕು ಪಂಚಾಯಿತಿ ಇಒ ಟಿ.ಆರ್.ಮಲ್ಲಾಡದ, ಸಮಾಜ ಕಲ್ಯಾಣ ಅಧಿಕಾರಿ ಎ.ಎ.ಮುತಾಲಿಕ್, ಗ್ರೇಡ್-2 ತಹಶೀಲ್ದಾರ ಪ್ರಕಾಶ ಕಲ್ಲೋಳಿ, ಶಿರಸ್ತೇದಾರ ಎಸ್.ಆರ್.ಹಂಡಿ, ಬಾಬುರಾವ ಶಿವಸ್ಥಾನ, ಸತೀಶ ನಾಯಕ ಸೇರಿದಂತೆ ಇತರರು ಇದ್ದರು.
